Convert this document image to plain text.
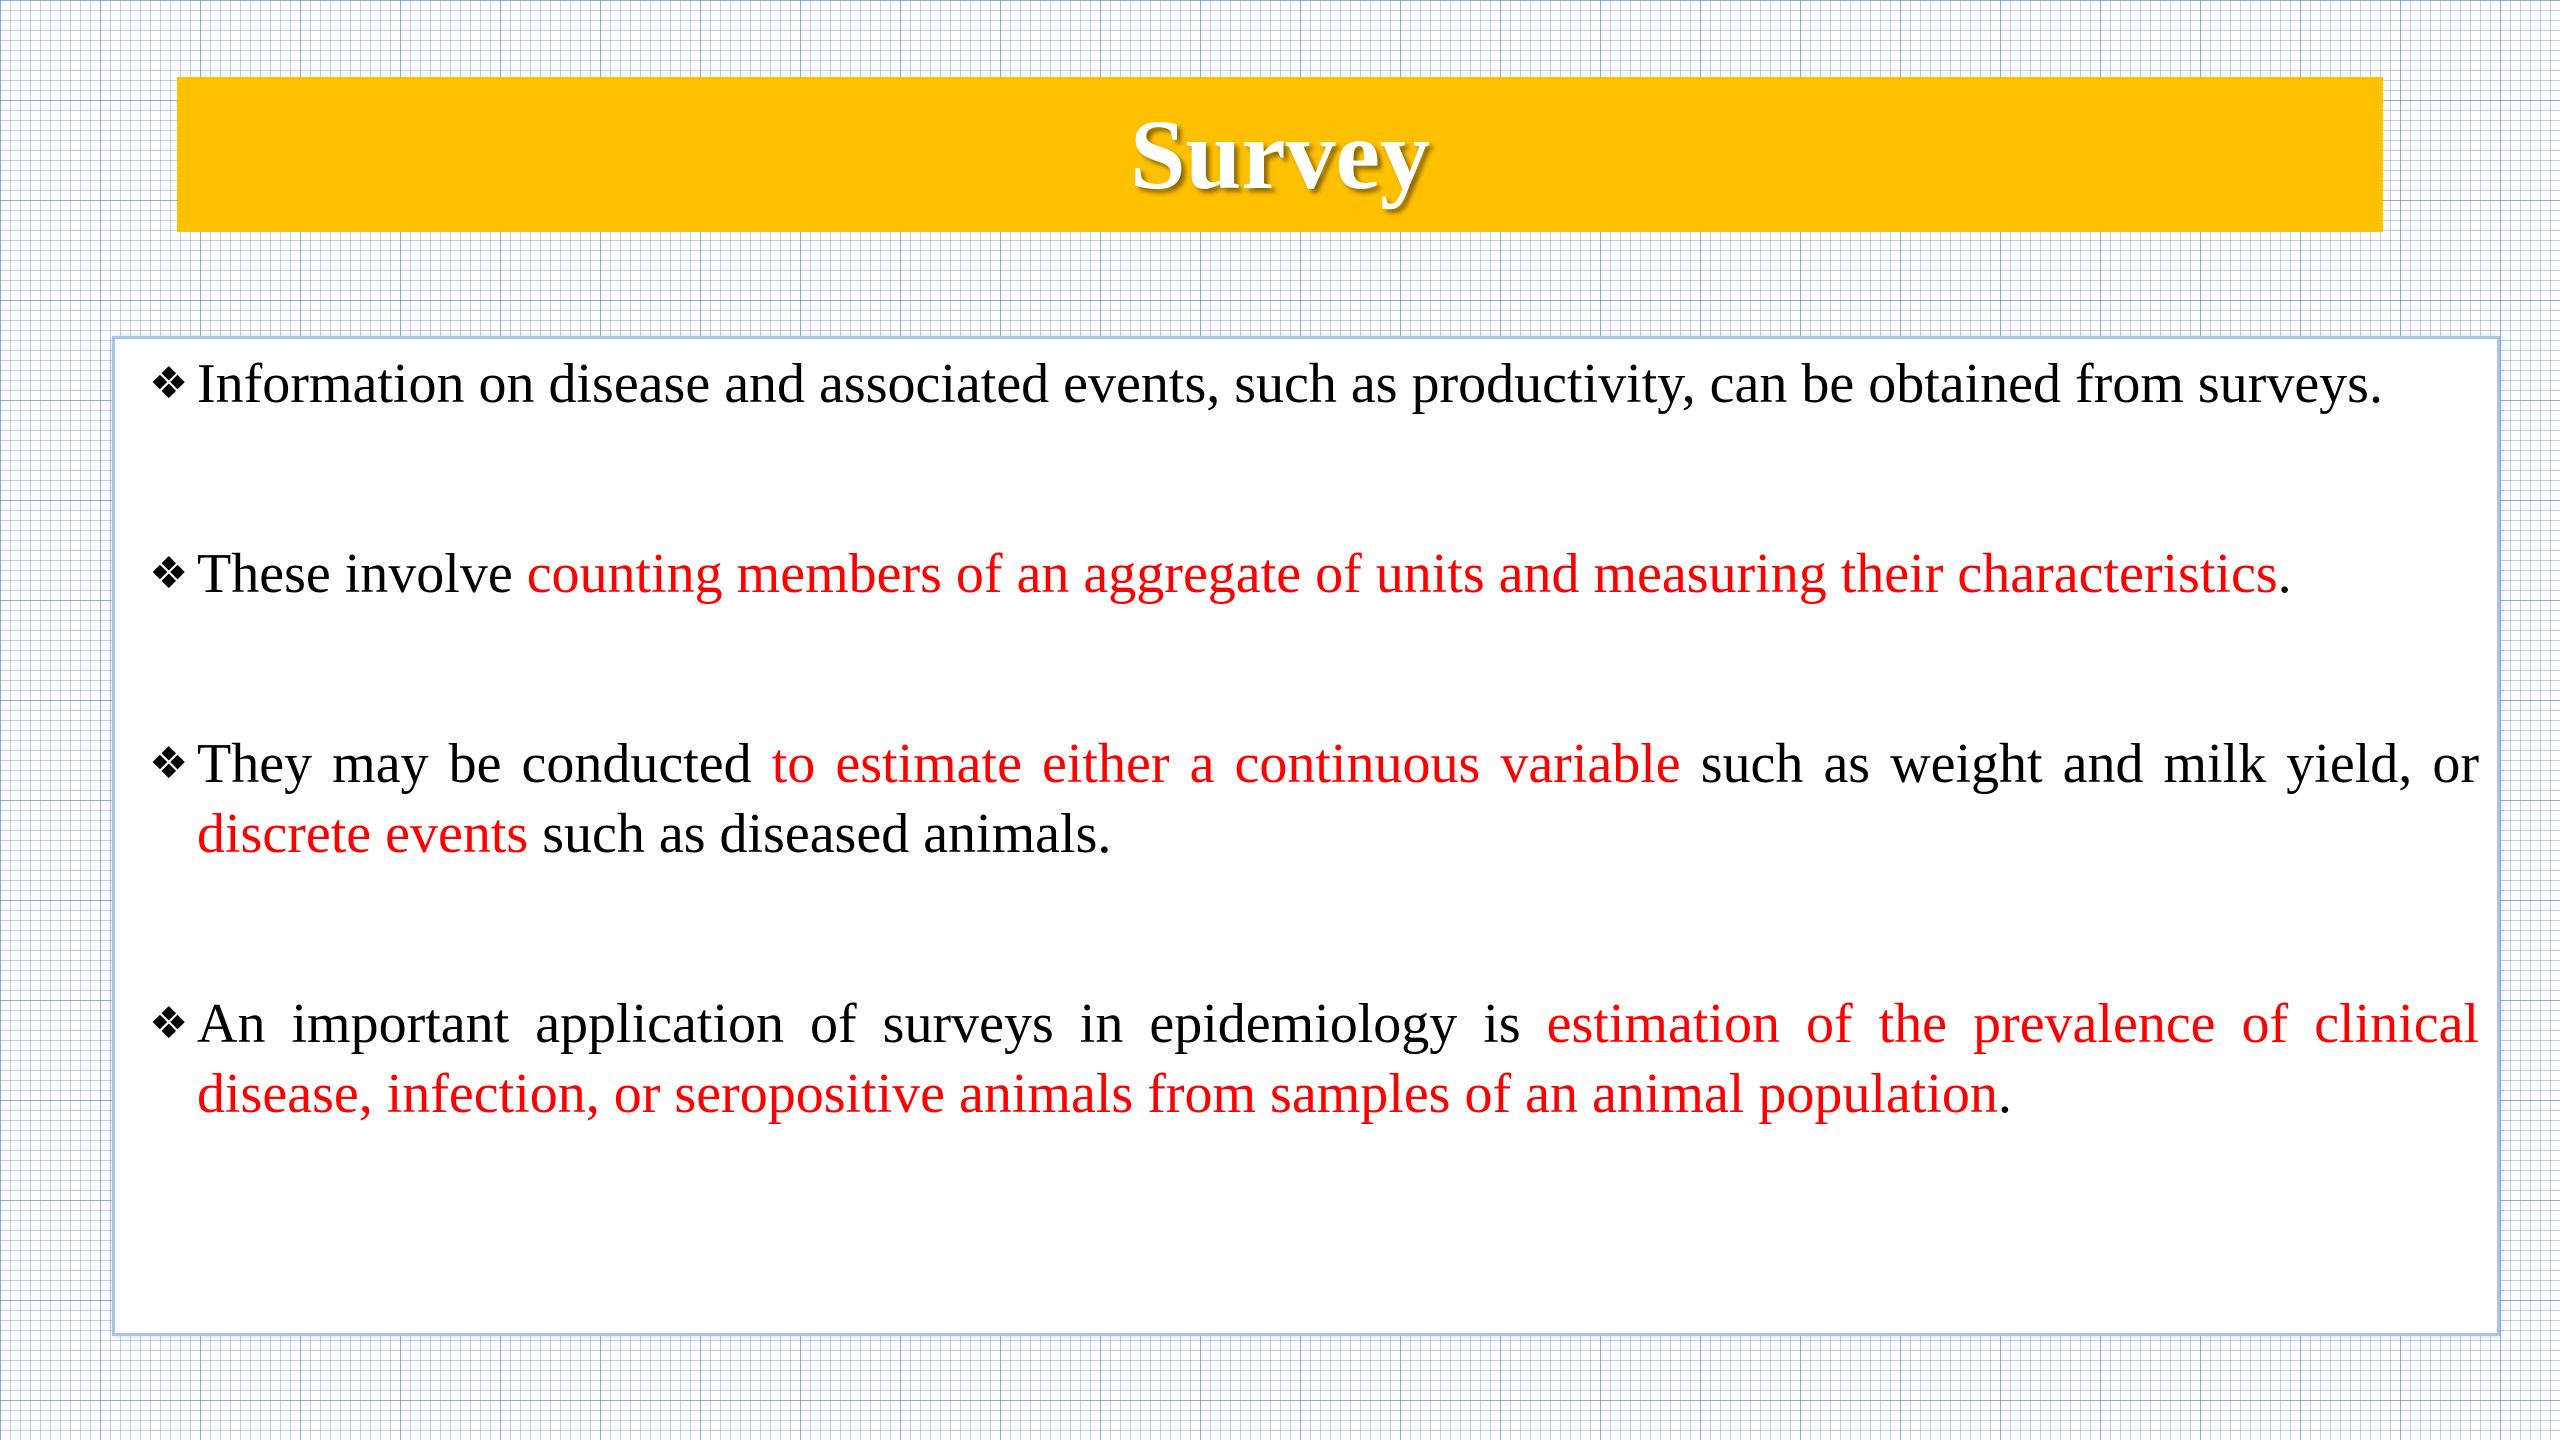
Survey
❖ Information on disease and associated events, such as productivity, can be obtained from surveys.
❖ These involve counting members of an aggregate of units and measuring their characteristics.
❖ They may be conducted to estimate either a continuous variable such as weight and milk yield, or discrete events such as diseased animals.
❖ An important application of surveys in epidemiology is estimation of the prevalence of clinical disease, infection, or seropositive animals from samples of an animal population.
